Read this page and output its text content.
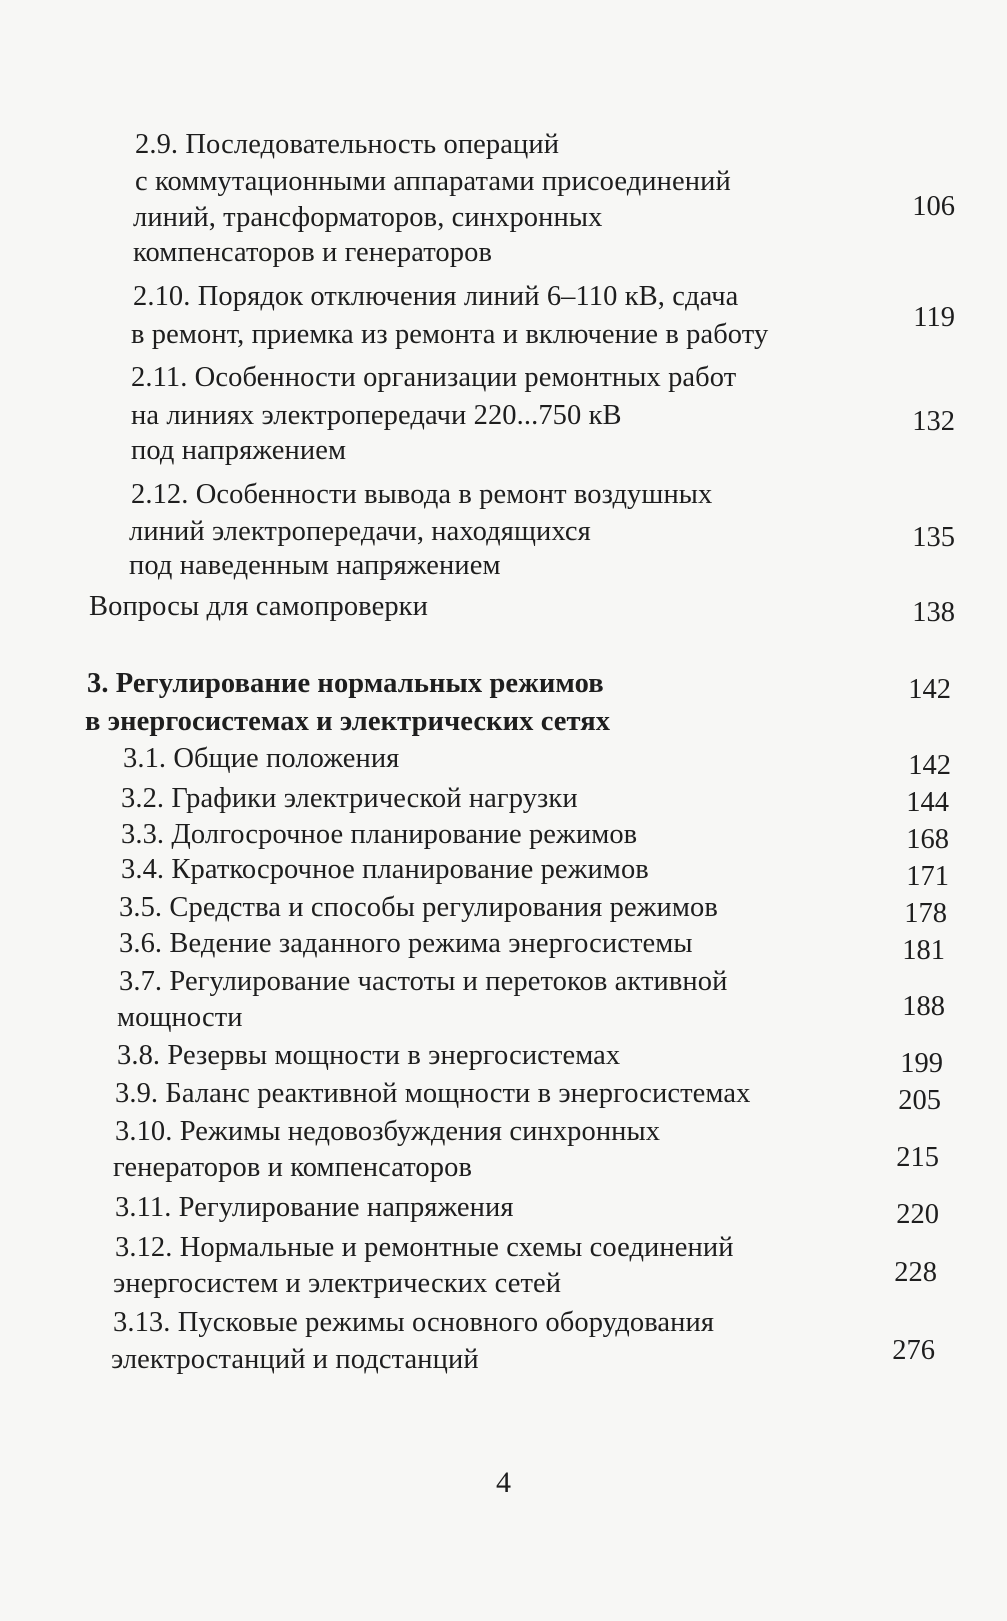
2.9. Последовательность операций
с коммутационными аппаратами присоединений
линий, трансформаторов, синхронных
компенсаторов и генераторов
106
2.10. Порядок отключения линий 6–110 кВ, сдача
в ремонт, приемка из ремонта и включение в работу
119
2.11. Особенности организации ремонтных работ
на линиях электропередачи 220...750 кВ
под напряжением
132
2.12. Особенности вывода в ремонт воздушных
линий электропередачи, находящихся
под наведенным напряжением
135
Вопросы для самопроверки	138
3. Регулирование нормальных режимов
в энергосистемах и электрических сетях
142
3.1. Общие положения	142
3.2. Графики электрической нагрузки	144
3.3. Долгосрочное планирование режимов	168
3.4. Краткосрочное планирование режимов	171
3.5. Средства и способы регулирования режимов	178
3.6. Ведение заданного режима энергосистемы	181
3.7. Регулирование частоты и перетоков активной
мощности	188
3.8. Резервы мощности в энергосистемах	199
3.9. Баланс реактивной мощности в энергосистемах	205
3.10. Режимы недовозбуждения синхронных
генераторов и компенсаторов	215
3.11. Регулирование напряжения	220
3.12. Нормальные и ремонтные схемы соединений
энергосистем и электрических сетей	228
3.13. Пусковые режимы основного оборудования
электростанций и подстанций	276
4
